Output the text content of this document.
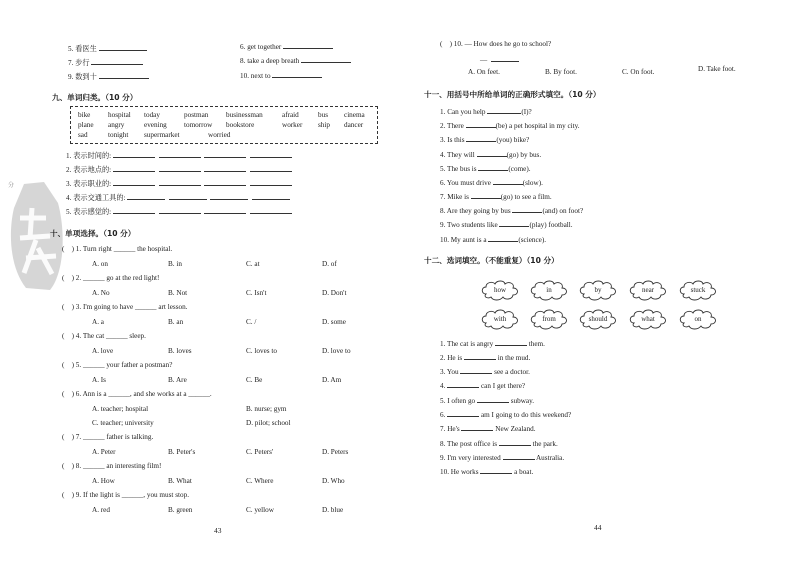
5. 看医生	6. get together
7. 步行	8. take a deep breath
9. 数到十	10. next to
九、单词归类。（10 分）
bike hospital today	postman businessman	afraid	bus cinema
plane angry	evening tomorrow bookstore	worker ship dancer
sad	tonight supermarket	worried
1. 表示时间的:
2. 表示地点的:
3. 表示职业的:
4. 表示交通工具的:
5. 表示感觉的:
分
十、单项选择。（10 分）
(    ) 1. Turn right ______ the hospital.
A. on	B. in	C. at	D. of
(    ) 2. ______ go at the red light!
A. No	B. Not	C. Isn't	D. Don't
(    ) 3. I'm going to have ______ art lesson.
A. a	B. an	C. /	D. some
(    ) 4. The cat ______ sleep.
A. love	B. loves	C. loves to	D. love to
(    ) 5. ______ your father a postman?
A. Is	B. Are	C. Be	D. Am
(    ) 6. Ann is a ______, and she works at a ______.
A. teacher; hospital	B. nurse; gym
C. teacher; university	D. pilot; school
(    ) 7. ______ father is talking.
A. Peter	B. Peter's	C. Peters'	D. Peters
(    ) 8. ______ an interesting film!
A. How	B. What	C. Where	D. Who
(    ) 9. If the light is ______, you must stop.
A. red	B. green	C. yellow	D. blue
43
(    ) 10. — How does he go to school?
—
A. On feet.	B. By foot.	C. On foot.	D. Take foot.
十一、用括号中所给单词的正确形式填空。（10 分）
1. Can you help	(I)?
2. There	(be) a pet hospital in my city.
3. Is this	(you) bike?
4. They will	(go) by bus.
5. The bus is	(come).
6. You must drive	(slow).
7. Mike is	(go) to see a film.
8. Are they going by bus	(and) on foot?
9. Two students like	(play) football.
10. My aunt is a	(science).
十二、选词填空。（不能重复）（10 分）
how	in	by	near	stuck
with	from	should	what	on
1. The cat is angry	them.
2. He is	in the mud.
3. You	see a doctor.
4.	can I get there?
5. I often go	subway.
6.	am I going to do this weekend?
7. He's	New Zealand.
8. The post office is	the park.
9. I'm very interested	Australia.
10. He works	a boat.
44
